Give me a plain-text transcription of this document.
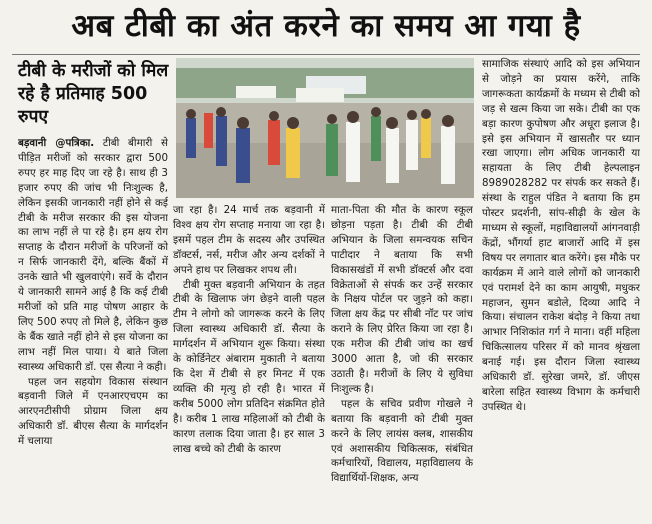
अब टीबी का अंत करने का समय आ गया है
टीबी के मरीजों को मिल रहे है प्रतिमाह 500 रुपए

बड़वानी @पत्रिका. टीबी बीमारी से पीड़ित मरीजों को सरकार द्वारा 500 रुपए हर माह दिए जा रहे है। साथ ही 3 हजार रुपए की जांच भी निःशुल्क है, लेकिन इसकी जानकारी नहीं होने से कई टीबी के मरीज सरकार की इस योजना का लाभ नहीं ले पा रहे है। हम क्षय रोग सप्ताह के दौरान मरीजों के परिजनों को न सिर्फ जानकारी देंगे, बल्कि बैंकों में उनके खाते भी खुलवाएंगे। सर्वे के दौरान ये जानकारी सामने आई है कि कई टीबी मरीजों को प्रति माह पोषण आहार के लिए 500 रुपए तो मिले है, लेकिन कुछ के बैंक खाते नहीं होने से इस योजना का लाभ नहीं मिल पाया। ये बाते जिला स्वास्थ्य अधिकारी डॉ. एस सैत्या ने कही।

पहल जन सहयोग विकास संस्थान बड़वानी जिले में एनआरएचएम का आरएनटीसीपी प्रोग्राम जिला क्षय अधिकारी डॉ. बीएस सैत्या के मार्गदर्शन में चलाया

जा रहा है। 24 मार्च तक बड़वानी में विश्व क्षय रोग सप्ताह मनाया जा रहा है। इसमें पहल टीम के सदस्य और उपस्थित डॉक्टर्स, नर्स, मरीज और अन्य दर्शकों ने अपने हाथ पर लिखकर शपथ ली।

टीबी मुक्त बड़वानी अभियान के तहत टीबी के खिलाफ जंग छेड़ने वाली पहल टीम ने लोगो को जागरूक करने के लिए जिला स्वास्थ्य अधिकारी डॉ. सैत्या के मार्गदर्शन में अभियान शुरू किया। संस्था के कोर्डिनेटर अंबाराम मुकाती ने बताया कि देश में टीबी से हर मिनट में एक व्यक्ति की मृत्यु हो रही है। भारत में करीब 5000 लोग प्रतिदिन संक्रमित होते है। करीब 1 लाख महिलाओं को टीबी के कारण तलाक दिया जाता है। हर साल 3 लाख बच्चे को टीबी के कारण

माता-पिता की मौत के कारण स्कूल छोड़ना पड़ता है। टीबी की टीबी अभियान के जिला समन्वयक सचिन पाटीदार ने बताया कि सभी विकासखंडों में सभी डॉक्टर्स और दवा विक्रेताओं से संपर्क कर उन्हें सरकार के निक्षय पोर्टल पर जुड़ने को कहा। जिला क्षय केंद्र पर सीबी नॉट पर जांच कराने के लिए प्रेरित किया जा रहा है। एक मरीज की टीबी जांच का खर्च 3000 आता है, जो की सरकार उठाती है। मरीजों के लिए ये सुविधा निःशुल्क है।

पहल के सचिव प्रवीण गोखले ने बताया कि बड़वानी को टीबी मुक्त करने के लिए लायंस क्लब, शासकीय एवं अशासकीय चिकित्सक, संबंधित कर्मचारियों, विद्यालय, महाविद्यालय के विद्यार्थियों-शिक्षक, अन्य

सामाजिक संस्थाएं आदि को इस अभियान से जोड़ने का प्रयास करेंगे, ताकि जागरूकता कार्यक्रमों के मध्यम से टीबी को जड़ से खत्म किया जा सके। टीबी का एक बड़ा कारण कुपोषण और अधूरा इलाज है। इसे इस अभियान में खासतौर पर ध्यान रखा जाएगा। लोग अधिक जानकारी या सहायता के लिए टीबी हेल्पलाइन 8989028282 पर संपर्क कर सकते हैं। संस्था के राहुल पंडित ने बताया कि हम पोस्टर प्रदर्शनी, सांप-सीढ़ी के खेल के माध्यम से स्कूलों, महाविद्यालयों आंगनवाड़ी केंद्रों, भौंगर्या हाट बाजारों आदि में इस विषय पर लगातार बात करेंगे। इस मौके पर कार्यक्रम में आने वाले लोगों को जानकारी एवं परामर्श देने का काम आयुषी, मधुकर महाजन, सुमन बडोले, दिव्या आदि ने किया। संचालन राकेश बंदोड़ ने किया तथा आभार निशिकांत गर्ग ने माना। वहीं महिला चिकित्सालय परिसर में को मानव श्रृंखला बनाई गई। इस दौरान जिला स्वास्थ्य अधिकारी डॉ. सुरेखा जमरे, डॉ. जीएस बारेला सहित स्वास्थ्य विभाग के कर्मचारी उपस्थित थे।
